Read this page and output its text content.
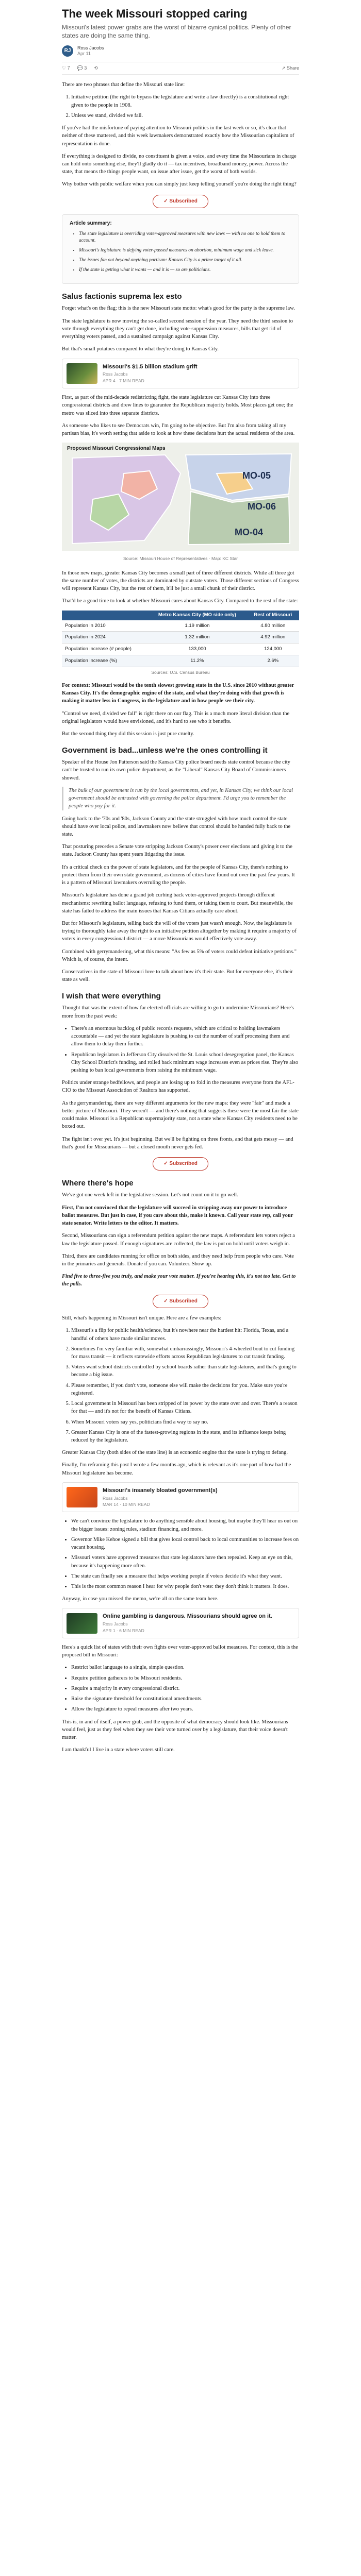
The week Missouri stopped caring
Missouri's latest power grabs are the worst of bizarre cynical politics. Plenty of other states are doing the same thing.
RJ	Ross Jacobs
Apr 11
♡ 7 💬 3 ⟲	↗ Share

There are two phrases that define the Missouri state line:

1. Initiative petition (the right to bypass the legislature and write a law directly) is a constitutional right given to the people in 1908.
2. Unless we stand, divided we fall.

If you've had the misfortune of paying attention to Missouri politics in the last week or so, it's clear that neither of these mattered, and this week lawmakers demonstrated exactly how the Missourian capitalism of representation is done.

If everything is designed to divide, no constituent is given a voice, and every time the Missourians in charge can hold onto something else, they'll gladly do it — tax incentives, broadband money, power. Across the state, that means the things people want, on issue after issue, get the worst of both worlds.

Why bother with public welfare when you can simply just keep telling yourself you're doing the right thing?

✓ Subscribed
Article summary:
• The state legislature is overriding voter-approved measures with new laws — with no one to hold them to account.
• Missouri's legislature is defying voter-passed measures on abortion, minimum wage and sick leave.
• The issues fan out beyond anything partisan: Kansas City is a prime target of it all.
• If the state is getting what it wants — and it is — so are politicians.
Salus factionis suprema lex esto

Forget what's on the flag; this is the new Missouri state motto: what's good for the party is the supreme law.

The state legislature is now moving the so-called second session of the year. They need the third session to vote through everything they can't get done, including vote-suppression measures, bills that get rid of everything voters passed, and a sustained campaign against Kansas City.

But that's small potatoes compared to what they're doing to Kansas City.

Missouri's $1.5 billion stadium grift
Ross Jacobs
APR 4 · 7 MIN READ

First, as part of the mid-decade redistricting fight, the state legislature cut Kansas City into three congressional districts and drew lines to guarantee the Republican majority holds. Most places get one; the metro was sliced into three separate districts.

As someone who likes to see Democrats win, I'm going to be objective. But I'm also from taking all my partisan bias, it's worth setting that aside to look at how these decisions hurt the actual residents of the area.

Proposed Missouri Congressional Maps
MO-05
MO-06
MO-04
Source: Missouri House of Representatives · Map: KC Star

In those new maps, greater Kansas City becomes a small part of three different districts. While all three got the same number of votes, the districts are dominated by outstate voters. Those different sections of Congress will represent Kansas City, but the rest of them, it'll be just a small chunk of their district.

That'd be a good time to look at whether Missouri cares about Kansas City. Compared to the rest of the state:

	Metro Kansas City (MO side only)	Rest of Missouri
Population in 2010	1.19 million	4.80 million
Population in 2024	1.32 million	4.92 million
Population increase (# people)	133,000	124,000
Population increase (%)	11.2%	2.6%
Sources: U.S. Census Bureau

For context: Missouri would be the tenth slowest growing state in the U.S. since 2010 without greater Kansas City. It's the demographic engine of the state, and what they're doing with that growth is making it matter less in Congress, in the legislature and in how people see their city.

"Control we need, divided we fall" is right there on our flag. This is a much more literal division than the original legislators would have envisioned, and it's hard to see who it benefits.

But the second thing they did this session is just pure cruelty.

Government is bad...unless we're the ones controlling it

Speaker of the House Jon Patterson said the Kansas City police board needs state control because the city can't be trusted to run its own police department, as the "Liberal" Kansas City Board of Commissioners showed.

The bulk of our government is run by the local governments, and yet, in Kansas City, we think our local government should be entrusted with governing the police department. I'd urge you to remember the people who pay for it.

Going back to the '70s and '80s, Jackson County and the state struggled with how much control the state should have over local police, and lawmakers now believe that control should be handed fully back to the state.

That posturing precedes a Senate vote stripping Jackson County's power over elections and giving it to the state. Jackson County has spent years litigating the issue.

It's a critical check on the power of state legislators, and for the people of Kansas City, there's nothing to protect them from their own state government, as dozens of cities have found out over the past few years. It is a pattern of Missouri lawmakers overruling the people.

Missouri's legislature has done a grand job curbing back voter-approved projects through different mechanisms: rewriting ballot language, refusing to fund them, or taking them to court. But meanwhile, the state has failed to address the main issues that Kansas Citians actually care about.

But for Missouri's legislature, telling back the will of the voters just wasn't enough. Now, the legislature is trying to thoroughly take away the right to an initiative petition altogether by making it require a majority of voters in every congressional district — a move Missourians would effectively vote away.

Combined with gerrymandering, what this means: "As few as 5% of voters could defeat initiative petitions." Which is, of course, the intent.

Conservatives in the state of Missouri love to talk about how it's their state. But for everyone else, it's their state as well.

I wish that were everything

Thought that was the extent of how far elected officials are willing to go to undermine Missourians? Here's more from the past week:

• There's an enormous backlog of public records requests, which are critical to holding lawmakers accountable — and yet the state legislature is pushing to cut the number of staff processing them and allow them to delay them further.
• Republican legislators in Jefferson City dissolved the St. Louis school desegregation panel, the Kansas City School District's funding, and rolled back minimum wage increases even as prices rise. They're also pushing to ban local governments from raising the minimum wage.

Politics under strange bedfellows, and people are losing up to fold in the measures everyone from the AFL-CIO to the Missouri Association of Realtors has supported.

As the gerrymandering, there are very different arguments for the new maps: they were "fair" and made a better picture of Missouri. They weren't — and there's nothing that suggests these were the most fair the state could make. Missouri is a Republican supermajority state, not a state where Kansas City residents need to be boxed out.

The fight isn't over yet. It's just beginning. But we'll be fighting on three fronts, and that gets messy — and that's good for Missourians — but a closed mouth never gets fed.

✓ Subscribed
Where there's hope

We've got one week left in the legislative session. Let's not count on it to go well.

First, I'm not convinced that the legislature will succeed in stripping away our power to introduce ballot measures. But just in case, if you care about this, make it known. Call your state rep, call your state senator. Write letters to the editor. It matters.

Second, Missourians can sign a referendum petition against the new maps. A referendum lets voters reject a law the legislature passed. If enough signatures are collected, the law is put on hold until voters weigh in.

Third, there are candidates running for office on both sides, and they need help from people who care. Vote in the primaries and generals. Donate if you can. Volunteer. Show up.

Find five to three-five you truly, and make your vote matter. If you're hearing this, it's not too late. Get to the polls.

✓ Subscribed

Still, what's happening in Missouri isn't unique. Here are a few examples:

1. Missouri's a flip for public health/science, but it's nowhere near the hardest hit: Florida, Texas, and a handful of others have made similar moves.
2. Sometimes I'm very familiar with, somewhat embarrassingly, Missouri's 4-wheeled bout to cut funding for mass transit — it reflects statewide efforts across Republican legislatures to cut transit funding.
3. Voters want school districts controlled by school boards rather than state legislatures, and that's going to become a big issue.
4. Please remember, if you don't vote, someone else will make the decisions for you. Make sure you're registered.
5. Local government in Missouri has been stripped of its power by the state over and over. There's a reason for that — and it's not for the benefit of Kansas Citians.
6. When Missouri voters say yes, politicians find a way to say no.
7. Greater Kansas City is one of the fastest-growing regions in the state, and its influence keeps being reduced by the legislature.

Greater Kansas City (both sides of the state line) is an economic engine that the state is trying to defang.

Finally, I'm reframing this post I wrote a few months ago, which is relevant as it's one part of how bad the Missouri legislature has become.

Missouri's insanely bloated government(s)
Ross Jacobs
MAR 14 · 10 MIN READ
• We can't convince the legislature to do anything sensible about housing, but maybe they'll hear us out on the bigger issues: zoning rules, stadium financing, and more.
• Governor Mike Kehoe signed a bill that gives local control back to local communities to increase fees on vacant housing.
• Missouri voters have approved measures that state legislators have then repealed. Keep an eye on this, because it's happening more often.
• The state can finally see a measure that helps working people if voters decide it's what they want.
• This is the most common reason I hear for why people don't vote: they don't think it matters. It does.

Anyway, in case you missed the memo, we're all on the same team here.

Online gambling is dangerous. Missourians should agree on it.
Ross Jacobs
APR 1 · 6 MIN READ

Here's a quick list of states with their own fights over voter-approved ballot measures. For context, this is the proposed bill in Missouri:

• Restrict ballot language to a single, simple question.
• Require petition gatherers to be Missouri residents.
• Require a majority in every congressional district.
• Raise the signature threshold for constitutional amendments.
• Allow the legislature to repeal measures after two years.

This is, in and of itself, a power grab, and the opposite of what democracy should look like. Missourians would feel, just as they feel when they see their vote turned over by a legislature, that their voice doesn't matter.

I am thankful I live in a state where voters still care.
